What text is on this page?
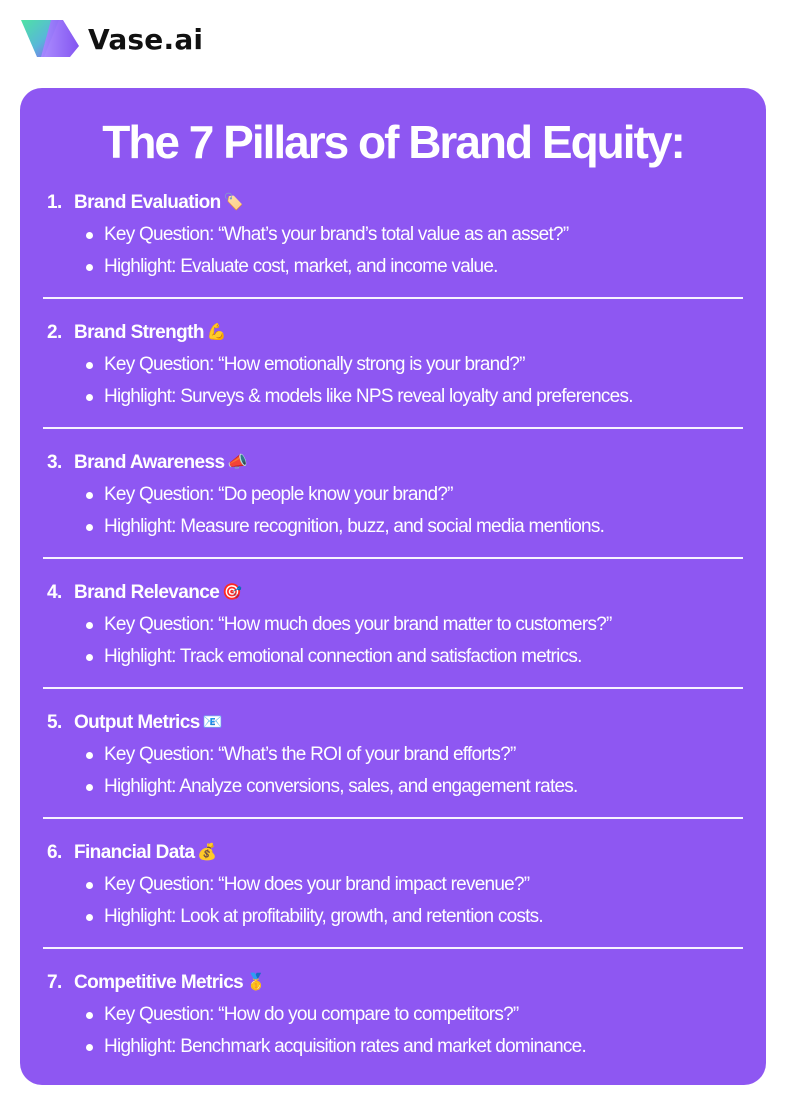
Vase.ai
The 7 Pillars of Brand Equity:
1. Brand Evaluation 🏷️
Key Question: “What’s your brand’s total value as an asset?”
Highlight: Evaluate cost, market, and income value.
2. Brand Strength 💪
Key Question: “How emotionally strong is your brand?”
Highlight: Surveys & models like NPS reveal loyalty and preferences.
3. Brand Awareness 📣
Key Question: “Do people know your brand?”
Highlight: Measure recognition, buzz, and social media mentions.
4. Brand Relevance 🎯
Key Question: “How much does your brand matter to customers?”
Highlight: Track emotional connection and satisfaction metrics.
5. Output Metrics 📧
Key Question: “What’s the ROI of your brand efforts?”
Highlight: Analyze conversions, sales, and engagement rates.
6. Financial Data 💰
Key Question: “How does your brand impact revenue?”
Highlight: Look at profitability, growth, and retention costs.
7. Competitive Metrics 🥇
Key Question: “How do you compare to competitors?”
Highlight: Benchmark acquisition rates and market dominance.
